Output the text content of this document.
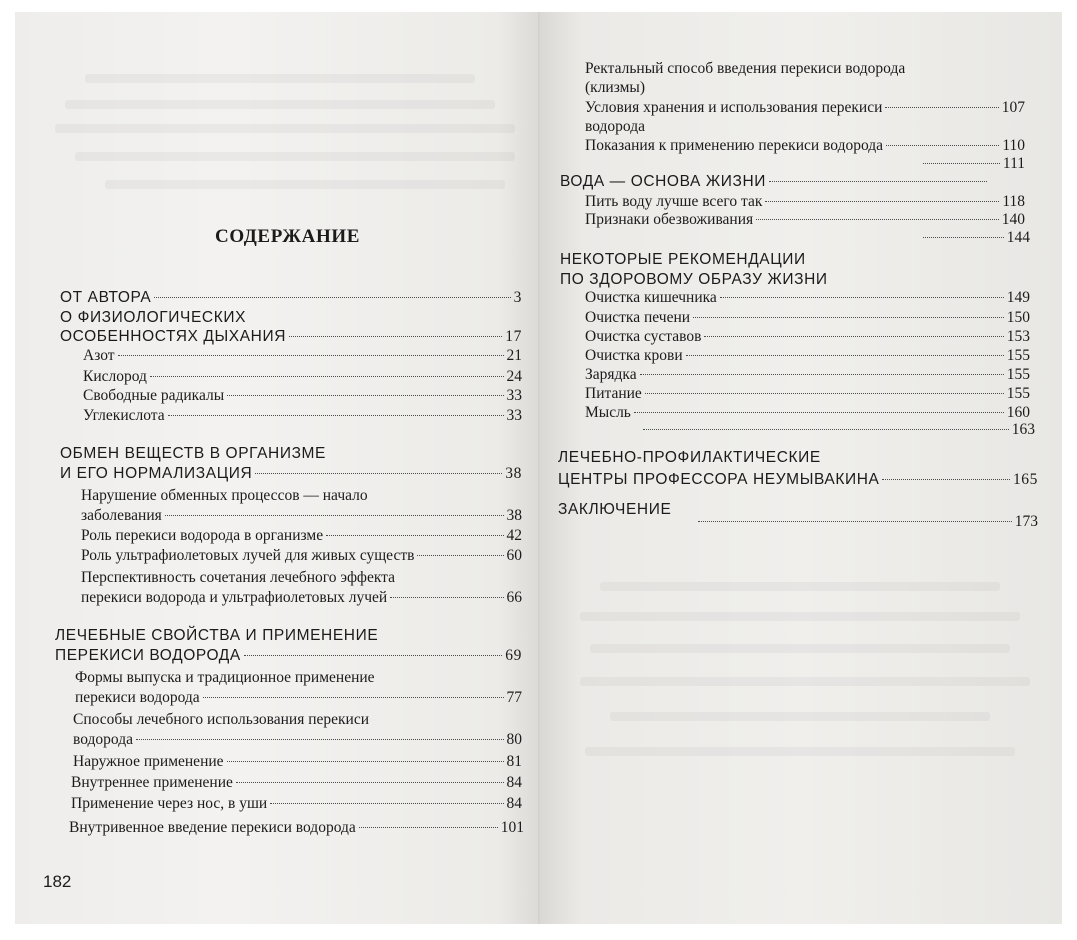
СОДЕРЖАНИЕ
ОТ АВТОРА	3
О ФИЗИОЛОГИЧЕСКИХ
ОСОБЕННОСТЯХ ДЫХАНИЯ	17
Азот	21
Кислород	24
Свободные радикалы	33
Углекислота	33
ОБМЕН ВЕЩЕСТВ В ОРГАНИЗМЕ
И ЕГО НОРМАЛИЗАЦИЯ	38
Нарушение обменных процессов — начало
заболевания	38
Роль перекиси водорода в организме	42
Роль ультрафиолетовых лучей для живых существ	60
Перспективность сочетания лечебного эффекта
перекиси водорода и ультрафиолетовых лучей	66
ЛЕЧЕБНЫЕ СВОЙСТВА И ПРИМЕНЕНИЕ
ПЕРЕКИСИ ВОДОРОДА	69
Формы выпуска и традиционное применение
перекиси водорода	77
Способы лечебного использования перекиси
водорода	80
Наружное применение	81
Внутреннее применение	84
Применение через нос, в уши	84
Внутривенное введение перекиси водорода	101
182
Ректальный способ введения перекиси водорода
(клизмы)
Условия хранения и использования перекиси	107
водорода
Показания к применению перекиси водорода	110
111
ВОДА — ОСНОВА ЖИЗНИ
Пить воду лучше всего так	118
Признаки обезвоживания	140
144
НЕКОТОРЫЕ РЕКОМЕНДАЦИИ
ПО ЗДОРОВОМУ ОБРАЗУ ЖИЗНИ
Очистка кишечника	149
Очистка печени	150
Очистка суставов	153
Очистка крови	155
Зарядка	155
Питание	155
Мысль	160
163
ЛЕЧЕБНО-ПРОФИЛАКТИЧЕСКИЕ
ЦЕНТРЫ ПРОФЕССОРА НЕУМЫВАКИНА	165
ЗАКЛЮЧЕНИЕ
173
